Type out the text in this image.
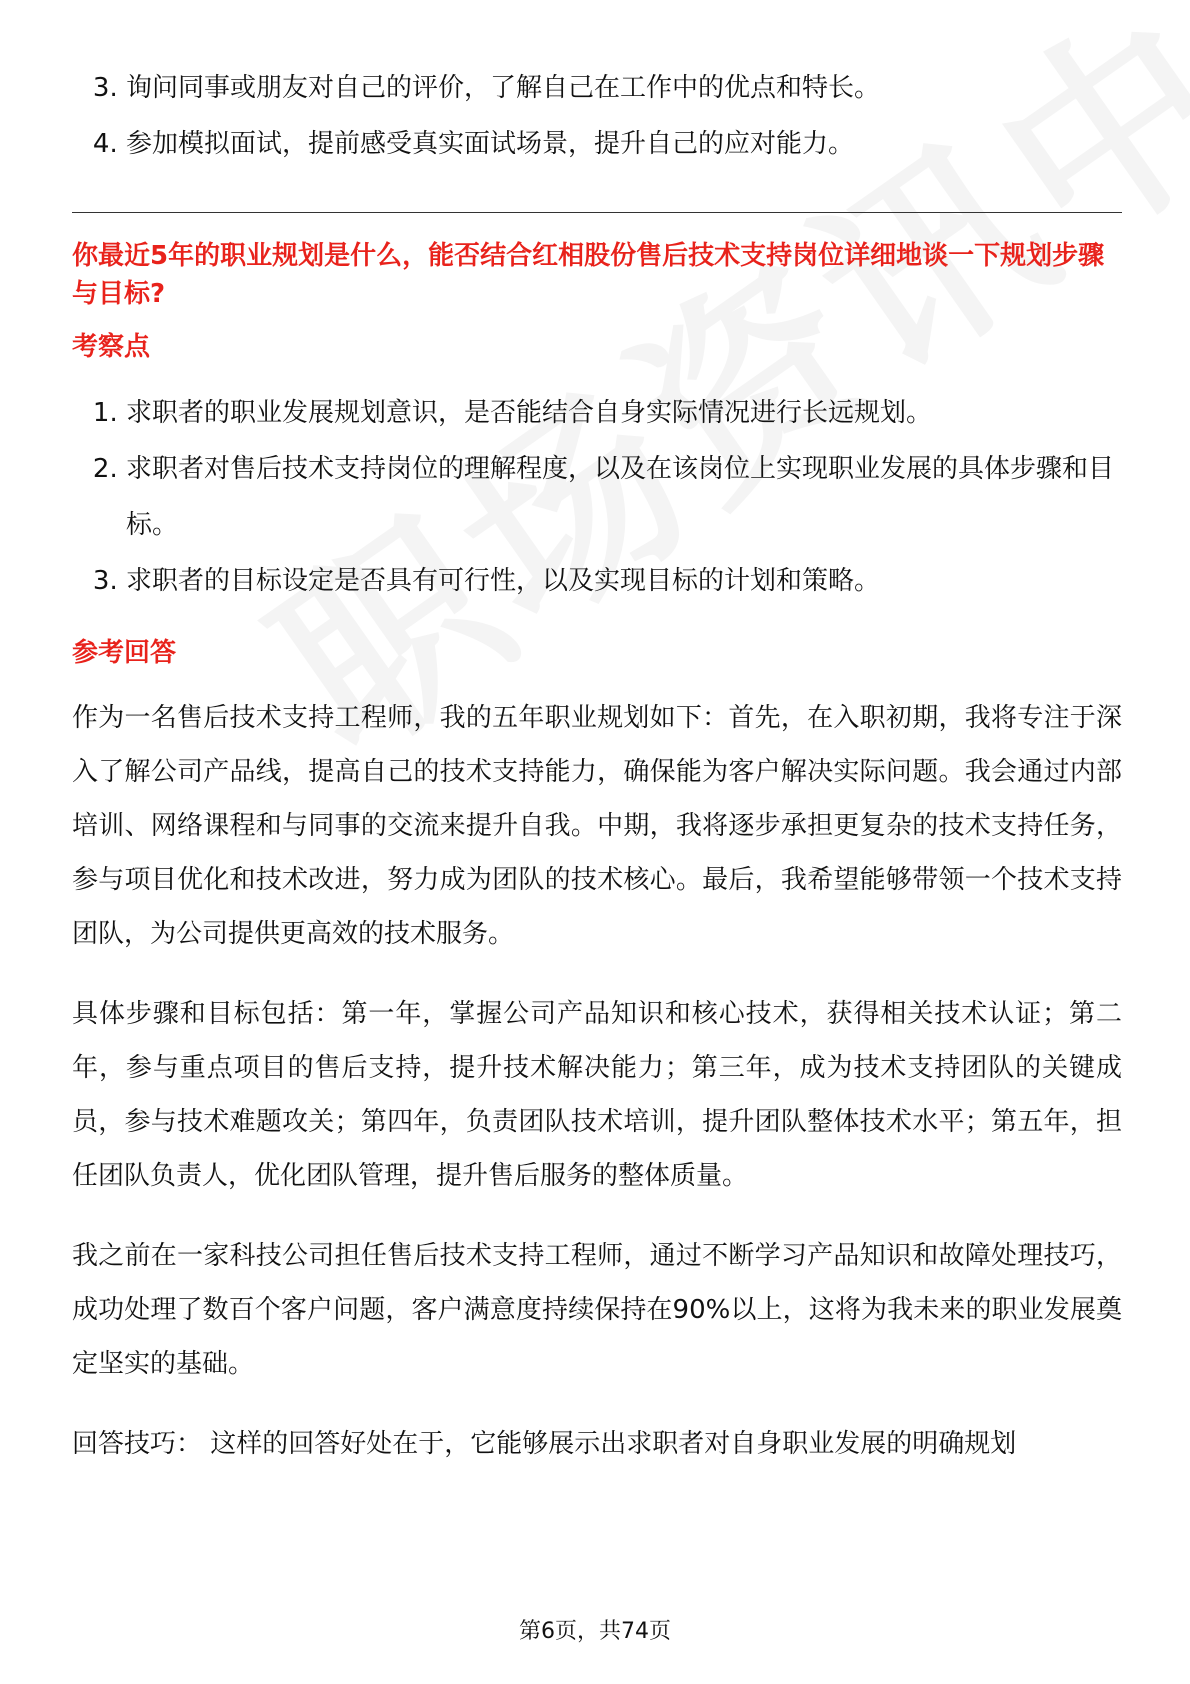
3. 询问同事或朋友对自己的评价，了解自己在工作中的优点和特长。
4. 参加模拟面试，提前感受真实面试场景，提升自己的应对能力。
你最近5年的职业规划是什么，能否结合红相股份售后技术支持岗位详细地谈一下规划步骤与目标?
考察点
1. 求职者的职业发展规划意识，是否能结合自身实际情况进行长远规划。
2. 求职者对售后技术支持岗位的理解程度，以及在该岗位上实现职业发展的具体步骤和目标。
3. 求职者的目标设定是否具有可行性，以及实现目标的计划和策略。
参考回答

作为一名售后技术支持工程师，我的五年职业规划如下：首先，在入职初期，我将专注于深入了解公司产品线，提高自己的技术支持能力，确保能为客户解决实际问题。我会通过内部培训、网络课程和与同事的交流来提升自我。中期，我将逐步承担更复杂的技术支持任务，参与项目优化和技术改进，努力成为团队的技术核心。最后，我希望能够带领一个技术支持团队，为公司提供更高效的技术服务。

具体步骤和目标包括：第一年，掌握公司产品知识和核心技术，获得相关技术认证；第二年，参与重点项目的售后支持，提升技术解决能力；第三年，成为技术支持团队的关键成员，参与技术难题攻关；第四年，负责团队技术培训，提升团队整体技术水平；第五年，担任团队负责人，优化团队管理，提升售后服务的整体质量。

我之前在一家科技公司担任售后技术支持工程师，通过不断学习产品知识和故障处理技巧，成功处理了数百个客户问题，客户满意度持续保持在90%以上，这将为我未来的职业发展奠定坚实的基础。

回答技巧： 这样的回答好处在于，它能够展示出求职者对自身职业发展的明确规划

第6页，共74页
